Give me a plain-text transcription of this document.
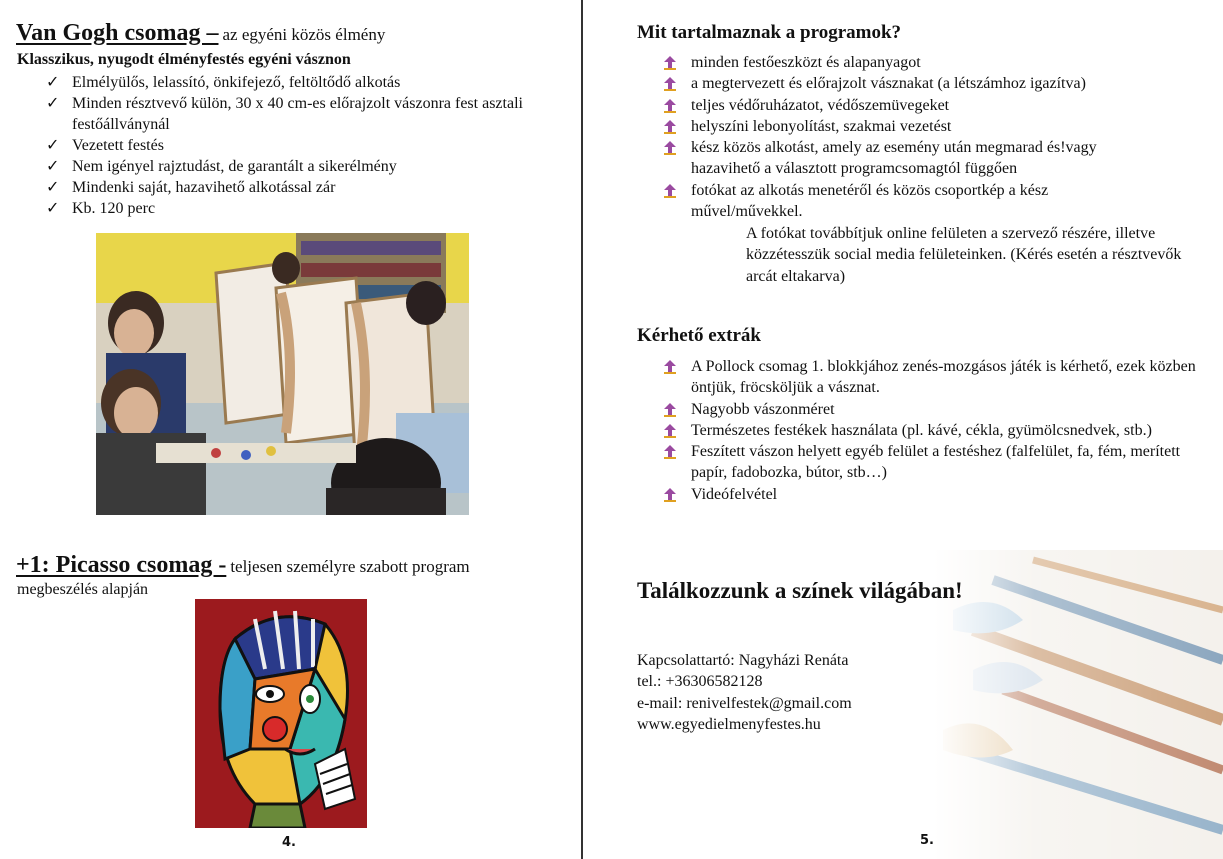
Van Gogh csomag – az egyéni közös élmény
Klasszikus, nyugodt élményfestés egyéni vásznon
✓ Elmélyülős, lelassító, önkifejező, feltöltődő alkotás
✓ Minden résztvevő külön, 30 x 40 cm-es előrajzolt vászonra fest asztali festőállványnál
✓ Vezetett festés
✓ Nem igényel rajztudást, de garantált a sikerélmény
✓ Mindenki saját, hazavihető alkotással zár
✓ Kb. 120 perc
+1: Picasso csomag - teljesen személyre szabott program
megbeszélés alapján
4.
Mit tartalmaznak a programok?
minden festőeszközt és alapanyagot
a megtervezett és előrajzolt vásznakat (a létszámhoz igazítva)
teljes védőruházatot, védőszemüvegeket
helyszíni lebonyolítást, szakmai vezetést
kész közös alkotást, amely az esemény után megmarad és!vagy hazavihető a választott programcsomagtól függően
fotókat az alkotás menetéről és közös csoportkép a kész művel/művekkel.
A fotókat továbbítjuk online felületen a szervező részére, illetve közzétesszük social media felületeinken. (Kérés esetén a résztvevők arcát eltakarva)
Kérhető extrák
A Pollock csomag 1. blokkjához zenés-mozgásos játék is kérhető, ezek közben öntjük, fröcsköljük a vásznat.
Nagyobb vászonméret
Természetes festékek használata (pl. kávé, cékla, gyümölcsnedvek, stb.)
Feszített vászon helyett egyéb felület a festéshez (falfelület, fa, fém, merített papír, fadobozka, bútor, stb…)
Videófelvétel
Találkozzunk a színek világában!
Kapcsolattartó: Nagyházi Renáta
tel.: +36306582128
e-mail: renivelfestek@gmail.com
www.egyedielmenyfestes.hu
5.
